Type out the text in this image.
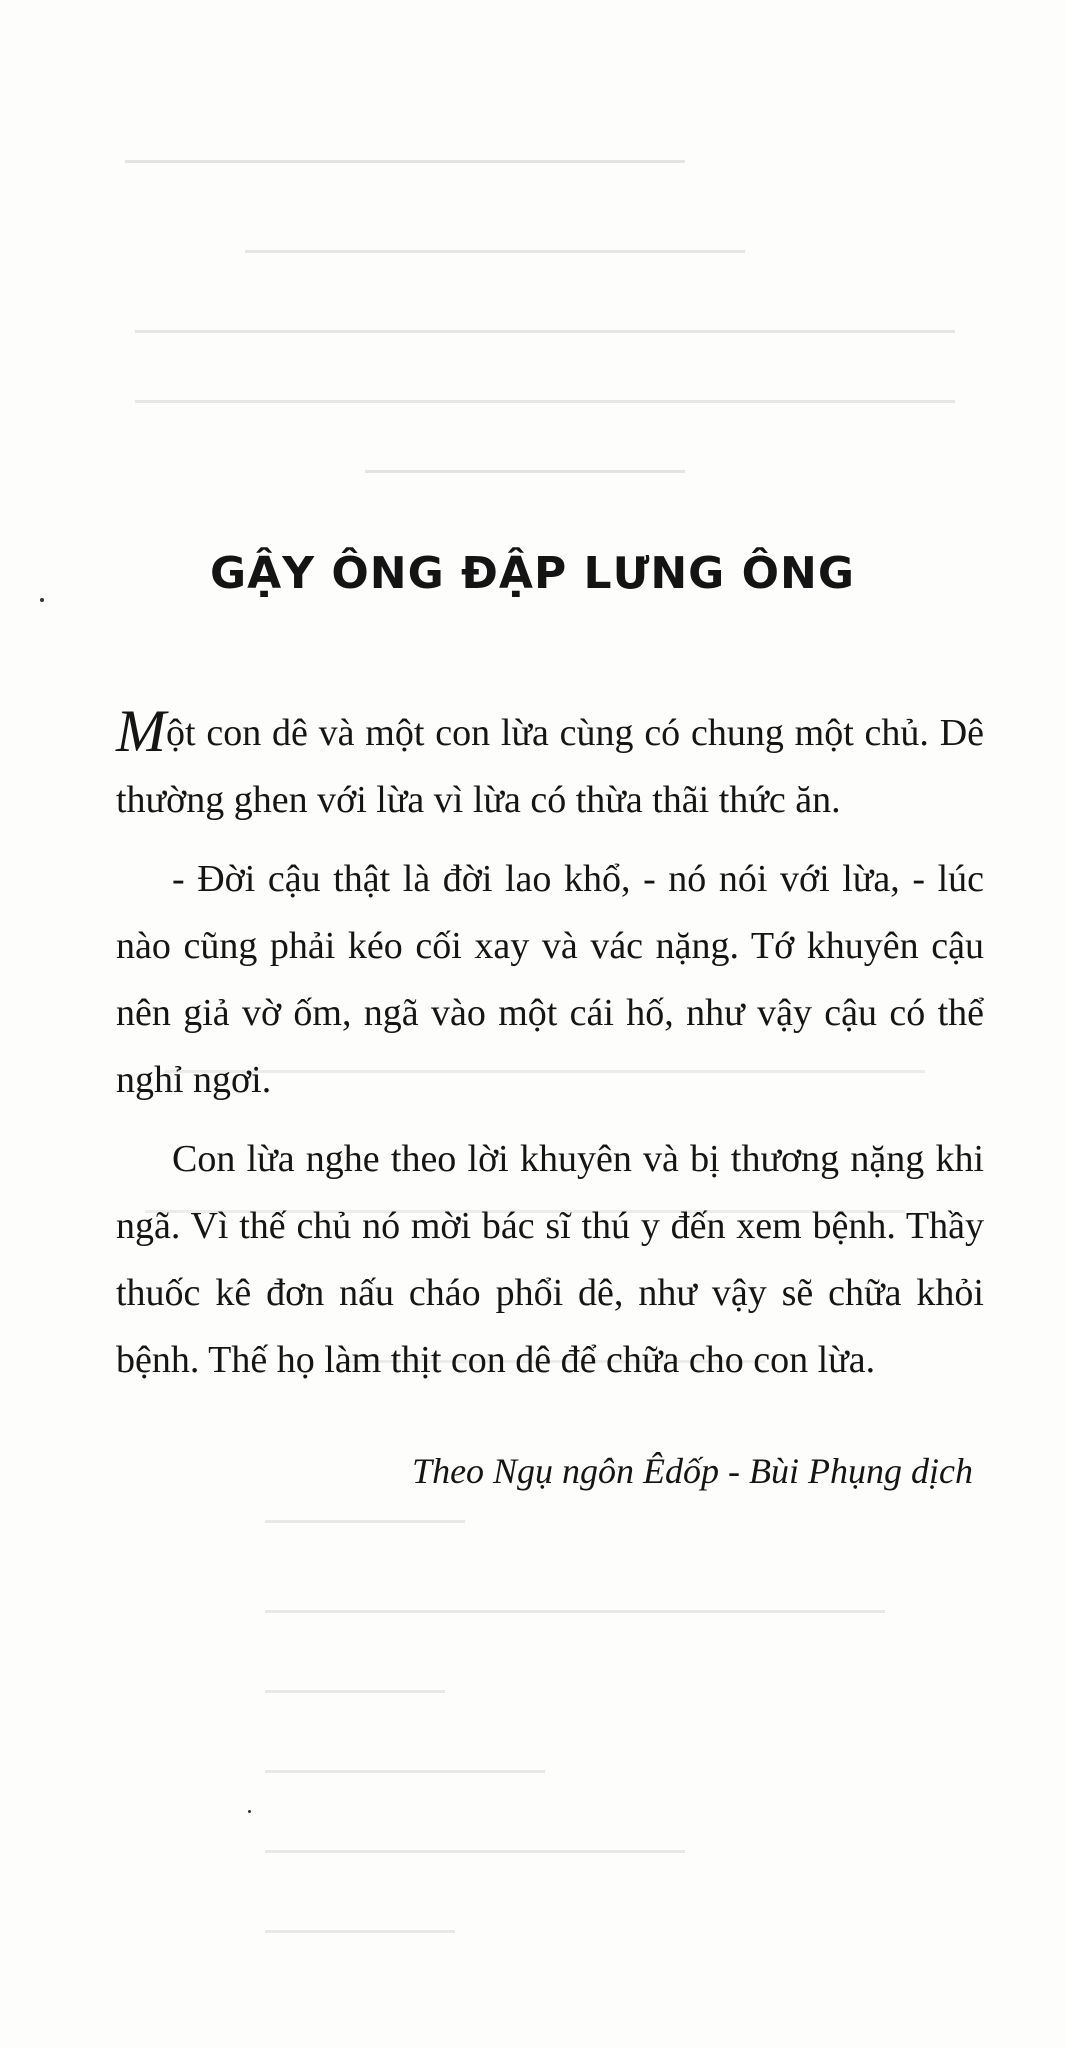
GẬY ÔNG ĐẬP LƯNG ÔNG

Một con dê và một con lừa cùng có chung một chủ. Dê thường ghen với lừa vì lừa có thừa thãi thức ăn.

- Đời cậu thật là đời lao khổ, - nó nói với lừa, - lúc nào cũng phải kéo cối xay và vác nặng. Tớ khuyên cậu nên giả vờ ốm, ngã vào một cái hố, như vậy cậu có thể nghỉ ngơi.

Con lừa nghe theo lời khuyên và bị thương nặng khi ngã. Vì thế chủ nó mời bác sĩ thú y đến xem bệnh. Thầy thuốc kê đơn nấu cháo phổi dê, như vậy sẽ chữa khỏi bệnh. Thế họ làm thịt con dê để chữa cho con lừa.

Theo Ngụ ngôn Êdốp - Bùi Phụng dịch
